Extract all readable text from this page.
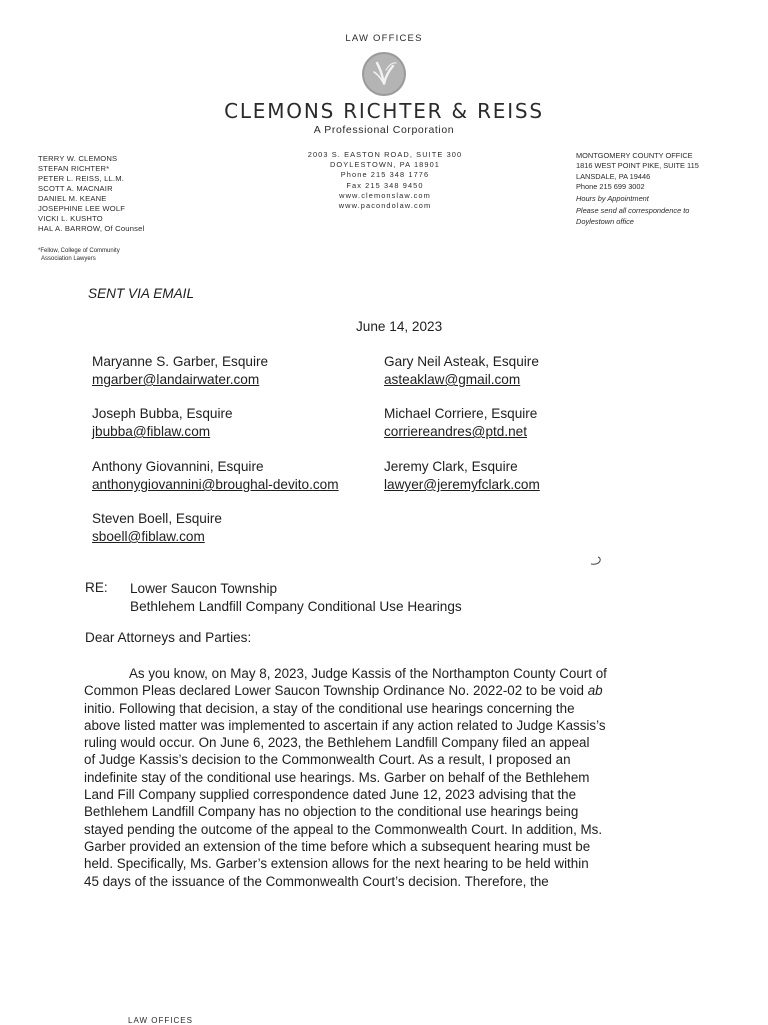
LAW OFFICES
CLEMONS RICHTER & REISS
A Professional Corporation
TERRY W. CLEMONS
STEFAN RICHTER*
PETER L. REISS, LL.M.
SCOTT A. MACNAIR
DANIEL M. KEANE
JOSEPHINE LEE WOLF
VICKI L. KUSHTO
HAL A. BARROW, Of Counsel
*Fellow, College of Community
Association Lawyers
2003 S. EASTON ROAD, SUITE 300
DOYLESTOWN, PA 18901
Phone 215 348 1776
Fax 215 348 9450
www.clemonslaw.com
www.pacondolaw.com
MONTGOMERY COUNTY OFFICE
1816 WEST POINT PIKE, SUITE 115
LANSDALE, PA 19446
Phone 215 699 3002
Hours by Appointment
Please send all correspondence to
Doylestown office
SENT VIA EMAIL
June 14, 2023
Maryanne S. Garber, Esquire
mgarber@landairwater.com
Gary Neil Asteak, Esquire
asteaklaw@gmail.com
Joseph Bubba, Esquire
jbubba@fiblaw.com
Michael Corriere, Esquire
corriereandres@ptd.net
Anthony Giovannini, Esquire
anthonygiovannini@broughal-devito.com
Jeremy Clark, Esquire
lawyer@jeremyfclark.com
Steven Boell, Esquire
sboell@fiblaw.com
RE: Lower Saucon Township
Bethlehem Landfill Company Conditional Use Hearings
Dear Attorneys and Parties:
As you know, on May 8, 2023, Judge Kassis of the Northampton County Court of
Common Pleas declared Lower Saucon Township Ordinance No. 2022-02 to be void ab
initio. Following that decision, a stay of the conditional use hearings concerning the
above listed matter was implemented to ascertain if any action related to Judge Kassis’s
ruling would occur. On June 6, 2023, the Bethlehem Landfill Company filed an appeal
of Judge Kassis’s decision to the Commonwealth Court. As a result, I proposed an
indefinite stay of the conditional use hearings. Ms. Garber on behalf of the Bethlehem
Land Fill Company supplied correspondence dated June 12, 2023 advising that the
Bethlehem Landfill Company has no objection to the conditional use hearings being
stayed pending the outcome of the appeal to the Commonwealth Court. In addition, Ms.
Garber provided an extension of the time before which a subsequent hearing must be
held. Specifically, Ms. Garber’s extension allows for the next hearing to be held within
45 days of the issuance of the Commonwealth Court’s decision. Therefore, the
LAW OFFICES
